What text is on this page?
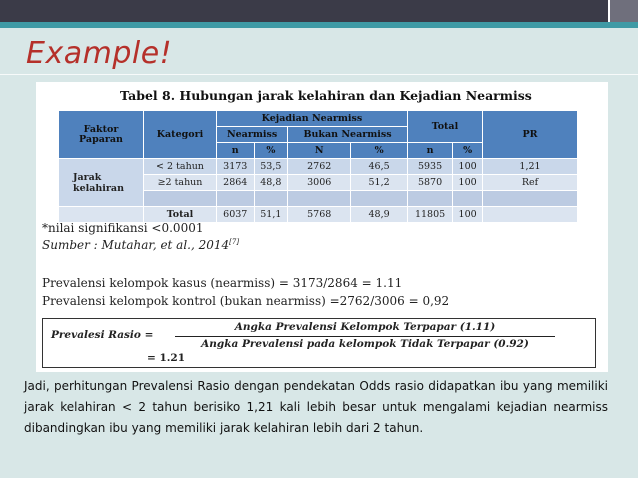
Example!

Tabel 8. Hubungan jarak kelahiran dan Kejadian Nearmiss

Faktor Paparan	Kategori	Kejadian Nearmiss				Total		PR
		Nearmiss		Bukan Nearmiss				
		n	%	N	%	n	%	
Jarak kelahiran	< 2 tahun	3173	53,5	2762	46,5	5935	100	1,21
	≥2 tahun	2864	48,8	3006	51,2	5870	100	Ref

	Total	6037	51,1	5768	48,9	11805	100	

*nilai signifikansi <0.0001

Sumber : Mutahar, et al., 2014[7]

Prevalensi kelompok kasus (nearmiss) = 3173/2864 = 1.11

Prevalensi kelompok kontrol (bukan nearmiss) =2762/3006 = 0,92

Prevalesi Rasio =
Angka Prevalensi Kelompok Terpapar (1.11)
Angka Prevalensi pada kelompok Tidak Terpapar (0.92)
= 1.21

Jadi, perhitungan Prevalensi Rasio dengan pendekatan Odds rasio didapatkan ibu yang memiliki jarak kelahiran < 2 tahun berisiko 1,21 kali lebih besar untuk mengalami kejadian nearmiss dibandingkan ibu yang memiliki jarak kelahiran lebih dari 2 tahun.
